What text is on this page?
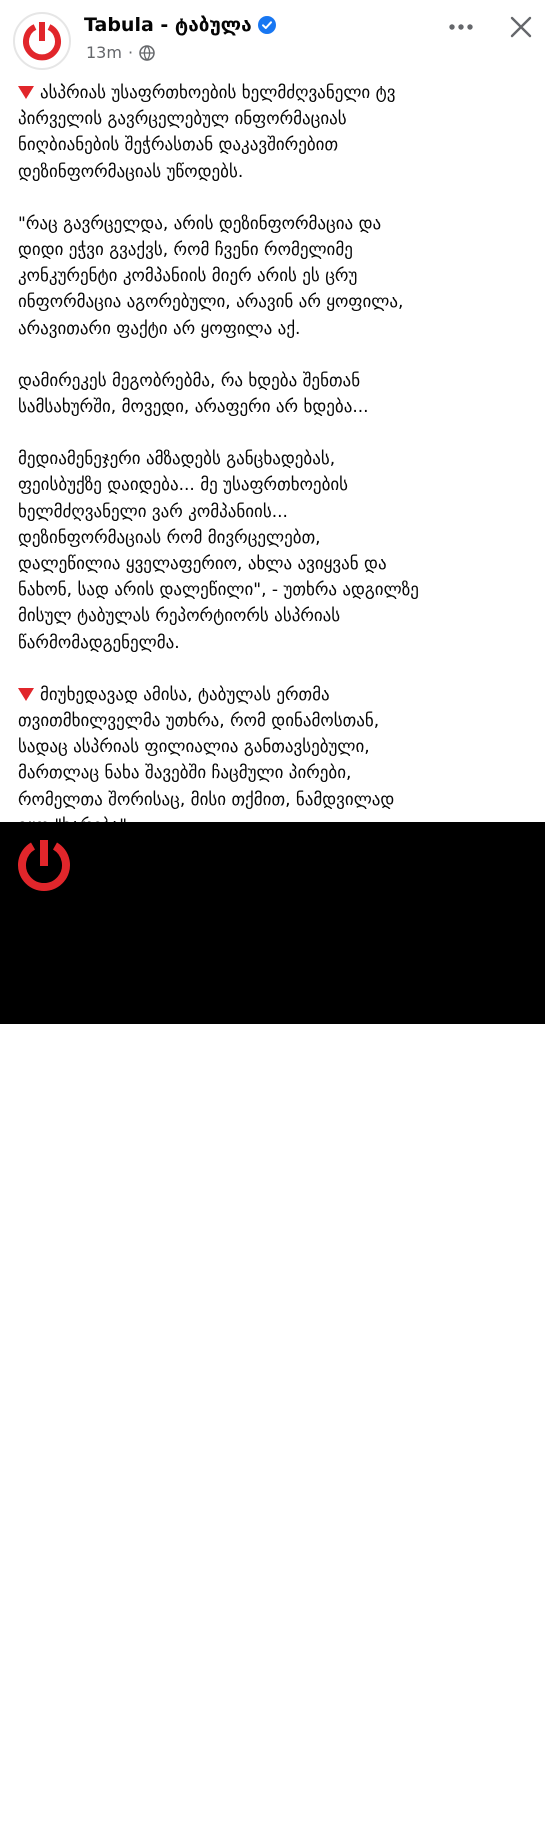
Tabula - ტაბულა
13m ·

ასპრიას უსაფრთხოების ხელმძღვანელი ტვ
პირველის გავრცელებულ ინფორმაციას
ნიღბიანების შეჭრასთან დაკავშირებით
დეზინფორმაციას უწოდებს.

"რაც გავრცელდა, არის დეზინფორმაცია და
დიდი ეჭვი გვაქვს, რომ ჩვენი რომელიმე
კონკურენტი კომპანიის მიერ არის ეს ცრუ
ინფორმაცია აგორებული, არავინ არ ყოფილა,
არავითარი ფაქტი არ ყოფილა აქ.

დამირეკეს მეგობრებმა, რა ხდება შენთან
სამსახურში, მოვედი, არაფერი არ ხდება...

მედიამენეჯერი ამზადებს განცხადებას,
ფეისბუქზე დაიდება... მე უსაფრთხოების
ხელმძღვანელი ვარ კომპანიის...
დეზინფორმაციას რომ მივრცელებთ,
დალეწილია ყველაფერიო, ახლა ავიყვან და
ნახონ, სად არის დალეწილი", - უთხრა ადგილზე
მისულ ტაბულას რეპორტიორს ასპრიას
წარმომადგენელმა.

მიუხედავად ამისა, ტაბულას ერთმა
თვითმხილველმა უთხრა, რომ დინამოსთან,
სადაც ასპრიას ფილიალია განთავსებული,
მართლაც ნახა შავებში ჩაცმული პირები,
რომელთა შორისაც, მისი თქმით, ნამდვილად
